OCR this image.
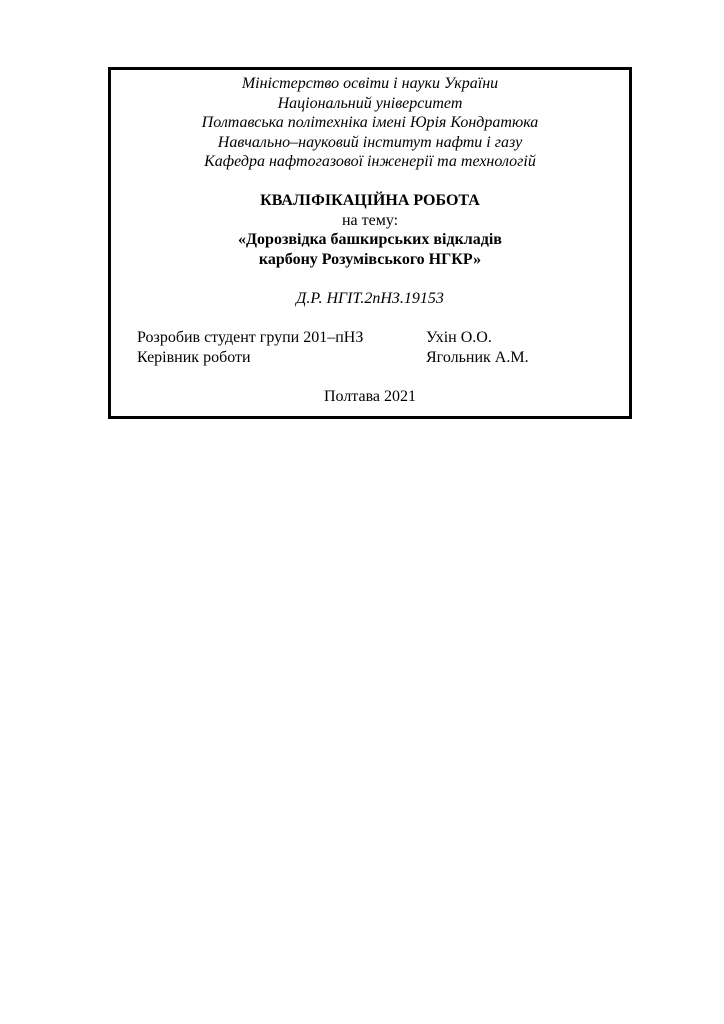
Міністерство освіти і науки України
Національний університет
Полтавська політехніка імені Юрія Кондратюка
Навчально–науковий інститут нафти і газу
Кафедра нафтогазової інженерії та технологій
КВАЛІФІКАЦІЙНА РОБОТА
на тему:
«Дорозвідка башкирських відкладів
карбону Розумівського НГКР»
Д.Р. НГІТ.2пНЗ.19153
Розробив студент групи 201–пНЗ	Ухін О.О.
Керівник роботи	Ягольник А.М.
Полтава 2021
